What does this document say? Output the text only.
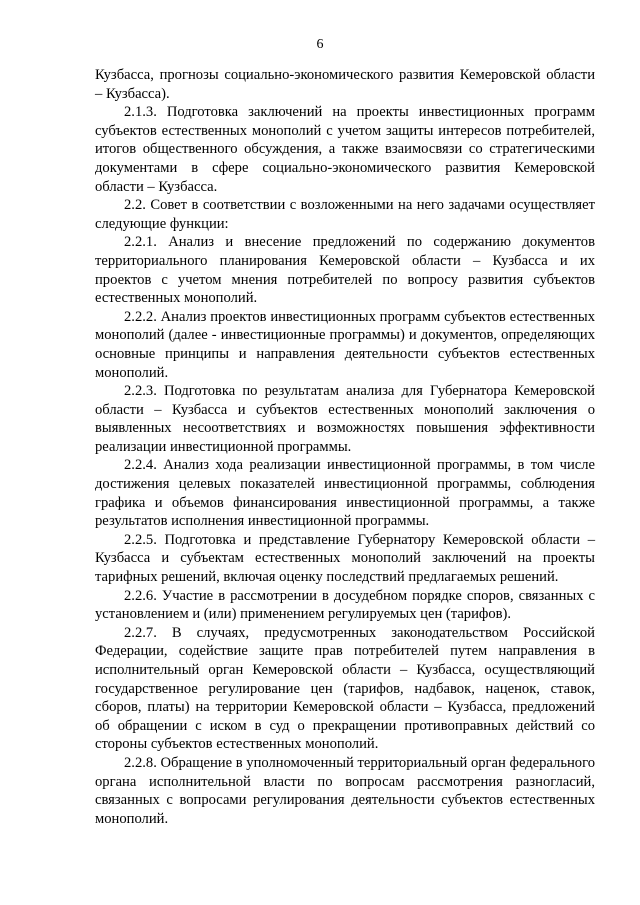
6

Кузбасса, прогнозы социально-экономического развития Кемеровской области – Кузбасса).

2.1.3. Подготовка заключений на проекты инвестиционных программ субъектов естественных монополий с учетом защиты интересов потребителей, итогов общественного обсуждения, а также взаимосвязи со стратегическими документами в сфере социально-экономического развития Кемеровской области – Кузбасса.

2.2. Совет в соответствии с возложенными на него задачами осуществляет следующие функции:

2.2.1. Анализ и внесение предложений по содержанию документов территориального планирования Кемеровской области – Кузбасса и их проектов с учетом мнения потребителей по вопросу развития субъектов естественных монополий.

2.2.2. Анализ проектов инвестиционных программ субъектов естественных монополий (далее - инвестиционные программы) и документов, определяющих основные принципы и направления деятельности субъектов естественных монополий.

2.2.3. Подготовка по результатам анализа для Губернатора Кемеровской области – Кузбасса и субъектов естественных монополий заключения о выявленных несоответствиях и возможностях повышения эффективности реализации инвестиционной программы.

2.2.4. Анализ хода реализации инвестиционной программы, в том числе достижения целевых показателей инвестиционной программы, соблюдения графика и объемов финансирования инвестиционной программы, а также результатов исполнения инвестиционной программы.

2.2.5. Подготовка и представление Губернатору Кемеровской области – Кузбасса и субъектам естественных монополий заключений на проекты тарифных решений, включая оценку последствий предлагаемых решений.

2.2.6. Участие в рассмотрении в досудебном порядке споров, связанных с установлением и (или) применением регулируемых цен (тарифов).

2.2.7. В случаях, предусмотренных законодательством Российской Федерации, содействие защите прав потребителей путем направления в исполнительный орган Кемеровской области – Кузбасса, осуществляющий государственное регулирование цен (тарифов, надбавок, наценок, ставок, сборов, платы) на территории Кемеровской области – Кузбасса, предложений об обращении с иском в суд о прекращении противоправных действий со стороны субъектов естественных монополий.

2.2.8. Обращение в уполномоченный территориальный орган федерального органа исполнительной власти по вопросам рассмотрения разногласий, связанных с вопросами регулирования деятельности субъектов естественных монополий.
